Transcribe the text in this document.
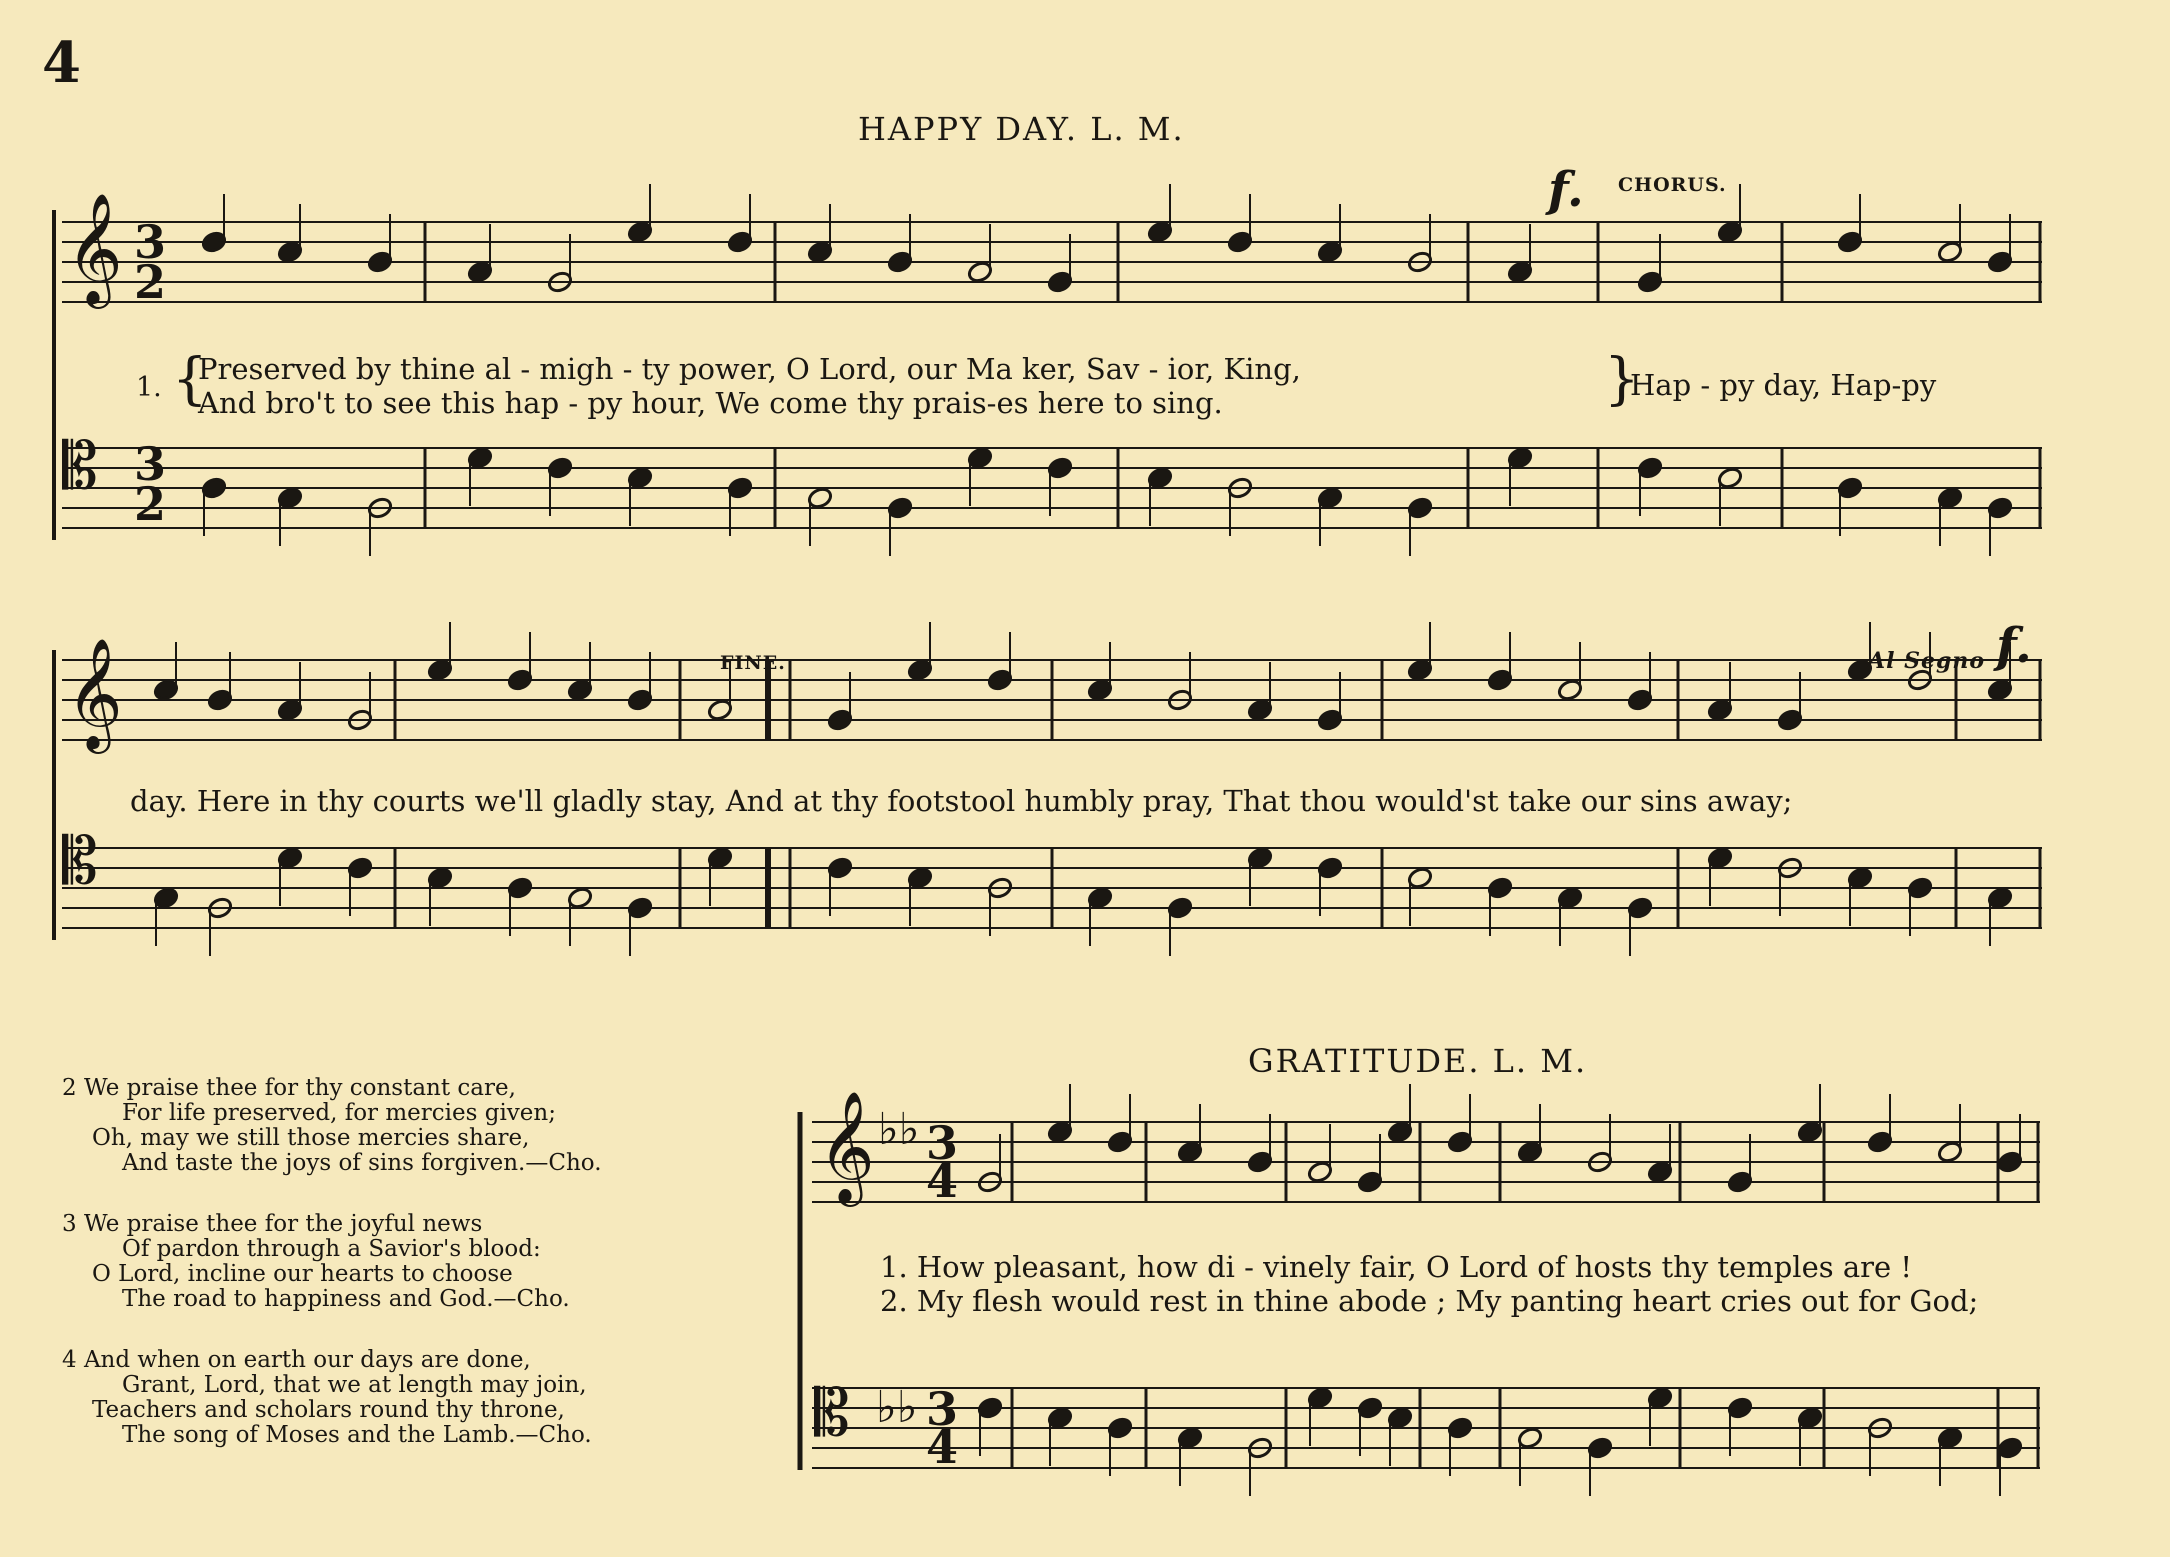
4
HAPPY DAY. L. M.
𝄞
𝄡
𝄞
𝄡
3
2
3
2
f. CHORUS.
FINE.	Al Segno f.
1. {
Preserved by thine al - migh - ty power, O Lord, our Ma ker, Sav - ior, King,
And bro't to see this hap - py hour, We come thy prais-es here to sing.	}
Hap - py day, Hap-py
day. Here in thy courts we'll gladly stay, And at thy footstool humbly pray, That thou would'st take our sins away;
GRATITUDE. L. M.
𝄞
𝄡
♭♭
♭♭
3
4
3
4
1. How pleasant, how di - vinely fair, O Lord of hosts thy temples are !
2. My flesh would rest in thine abode ; My panting heart cries out for God;
2 We praise thee for thy constant care,
For life preserved, for mercies given;
Oh, may we still those mercies share,
And taste the joys of sins forgiven.—Cho.
3 We praise thee for the joyful news
Of pardon through a Savior's blood:
O Lord, incline our hearts to choose
The road to happiness and God.—Cho.
4 And when on earth our days are done,
Grant, Lord, that we at length may join,
Teachers and scholars round thy throne,
The song of Moses and the Lamb.—Cho.
